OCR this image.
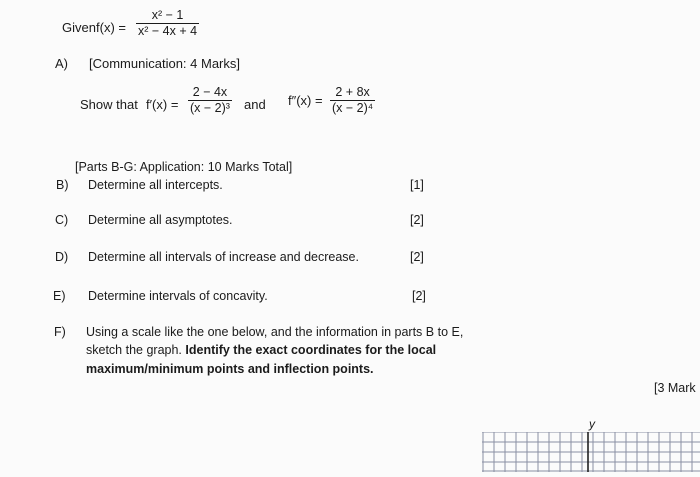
Given $f(x) = \frac{\text{x² − 1}}{\text{x² − 4x + 4}}$
A) [Communication: 4 Marks]
Show that $f'(x) = \frac{2 - 4x}{\text{(x − 2)³}}$ and $f''(x) = \frac{2 + 8x}{\text{(x − 2)⁴}}$
[Parts B-G: Application: 10 Marks Total]
B) Determine all intercepts.	[1]
C) Determine all asymptotes.	[2]
D) Determine all intervals of increase and decrease.	[2]
E) Determine intervals of concavity.	[2]
F) Using a scale like the one below, and the information in parts B to E,
sketch the graph. Identify the exact coordinates for the local
maximum/minimum points and inflection points.
[3 Mark
y
